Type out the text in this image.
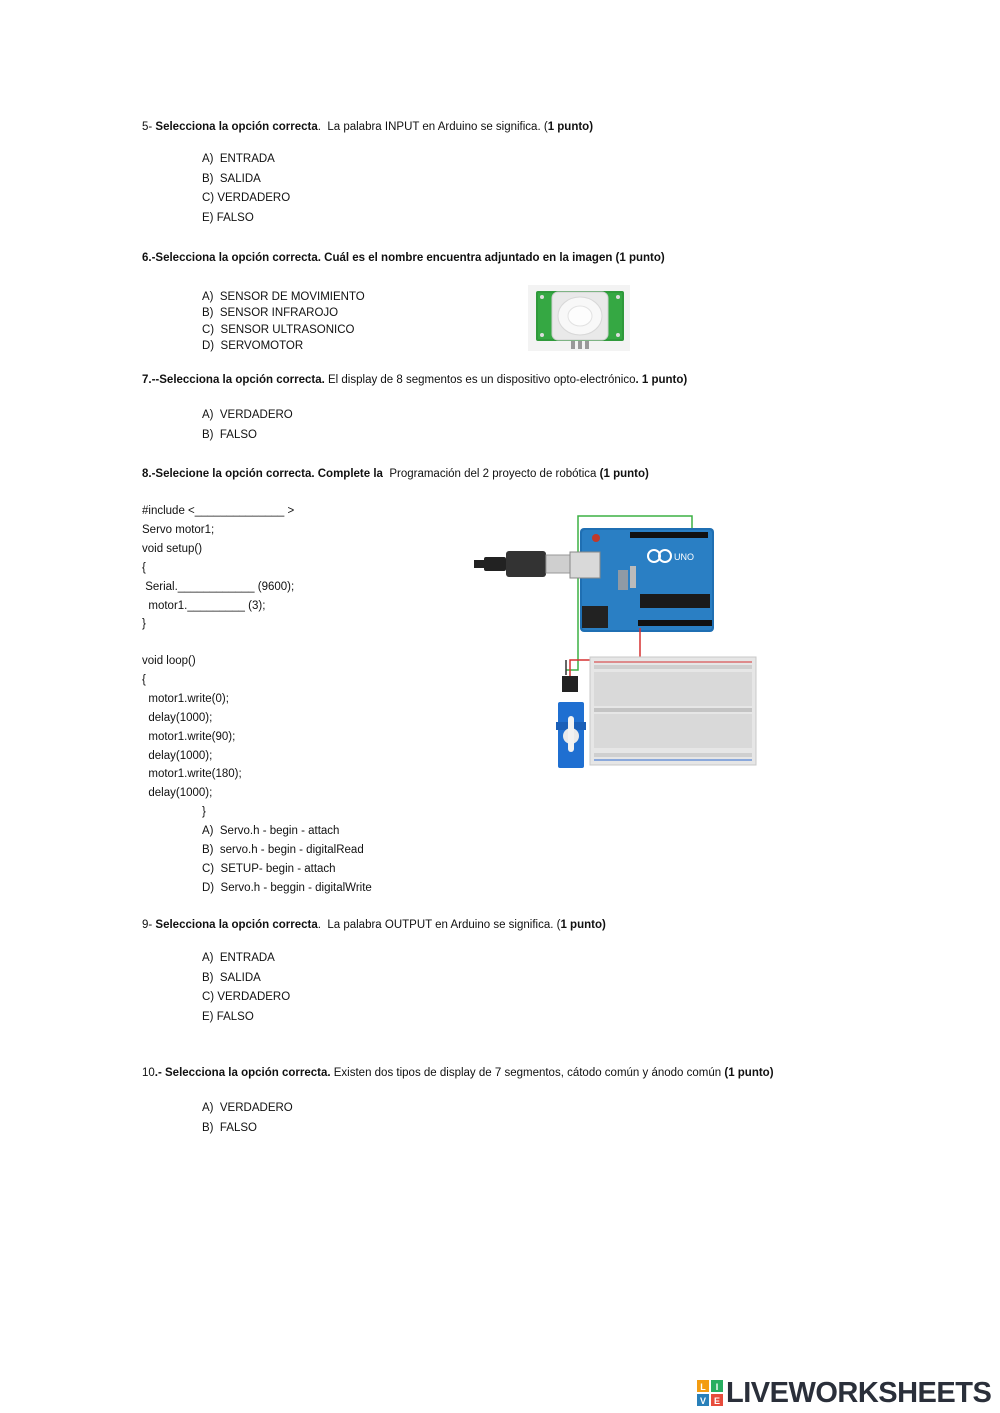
5- Selecciona la opción correcta.  La palabra INPUT en Arduino se significa. (1 punto)
A)  ENTRADA
B)  SALIDA
C) VERDADERO
E) FALSO
6.-Selecciona la opción correcta. Cuál es el nombre encuentra adjuntado en la imagen (1 punto)
A)  SENSOR DE MOVIMIENTO
B)  SENSOR INFRAROJO
C)  SENSOR ULTRASONICO
D)  SERVOMOTOR
7.--Selecciona la opción correcta. El display de 8 segmentos es un dispositivo opto-electrónico. 1 punto)
A)  VERDADERO
B)  FALSO
8.-Selecione la opción correcta. Complete la  Programación del 2 proyecto de robótica (1 punto)
#include <______________ >
Servo motor1;
void setup()
{
Serial.____________ (9600);
motor1._________ (3);
}
void loop()
{
motor1.write(0);
delay(1000);
motor1.write(90);
delay(1000);
motor1.write(180);
delay(1000);
}
A)  Servo.h - begin - attach
B)  servo.h - begin - digitalRead
C)  SETUP- begin - attach
D)  Servo.h - beggin - digitalWrite
UNO
9- Selecciona la opción correcta.  La palabra OUTPUT en Arduino se significa. (1 punto)
A)  ENTRADA
B)  SALIDA
C) VERDADERO
E) FALSO
10.- Selecciona la opción correcta. Existen dos tipos de display de 7 segmentos, cátodo común y ánodo común (1 punto)
A)  VERDADERO
B)  FALSO
L I
V E LIVEWORKSHEETS
